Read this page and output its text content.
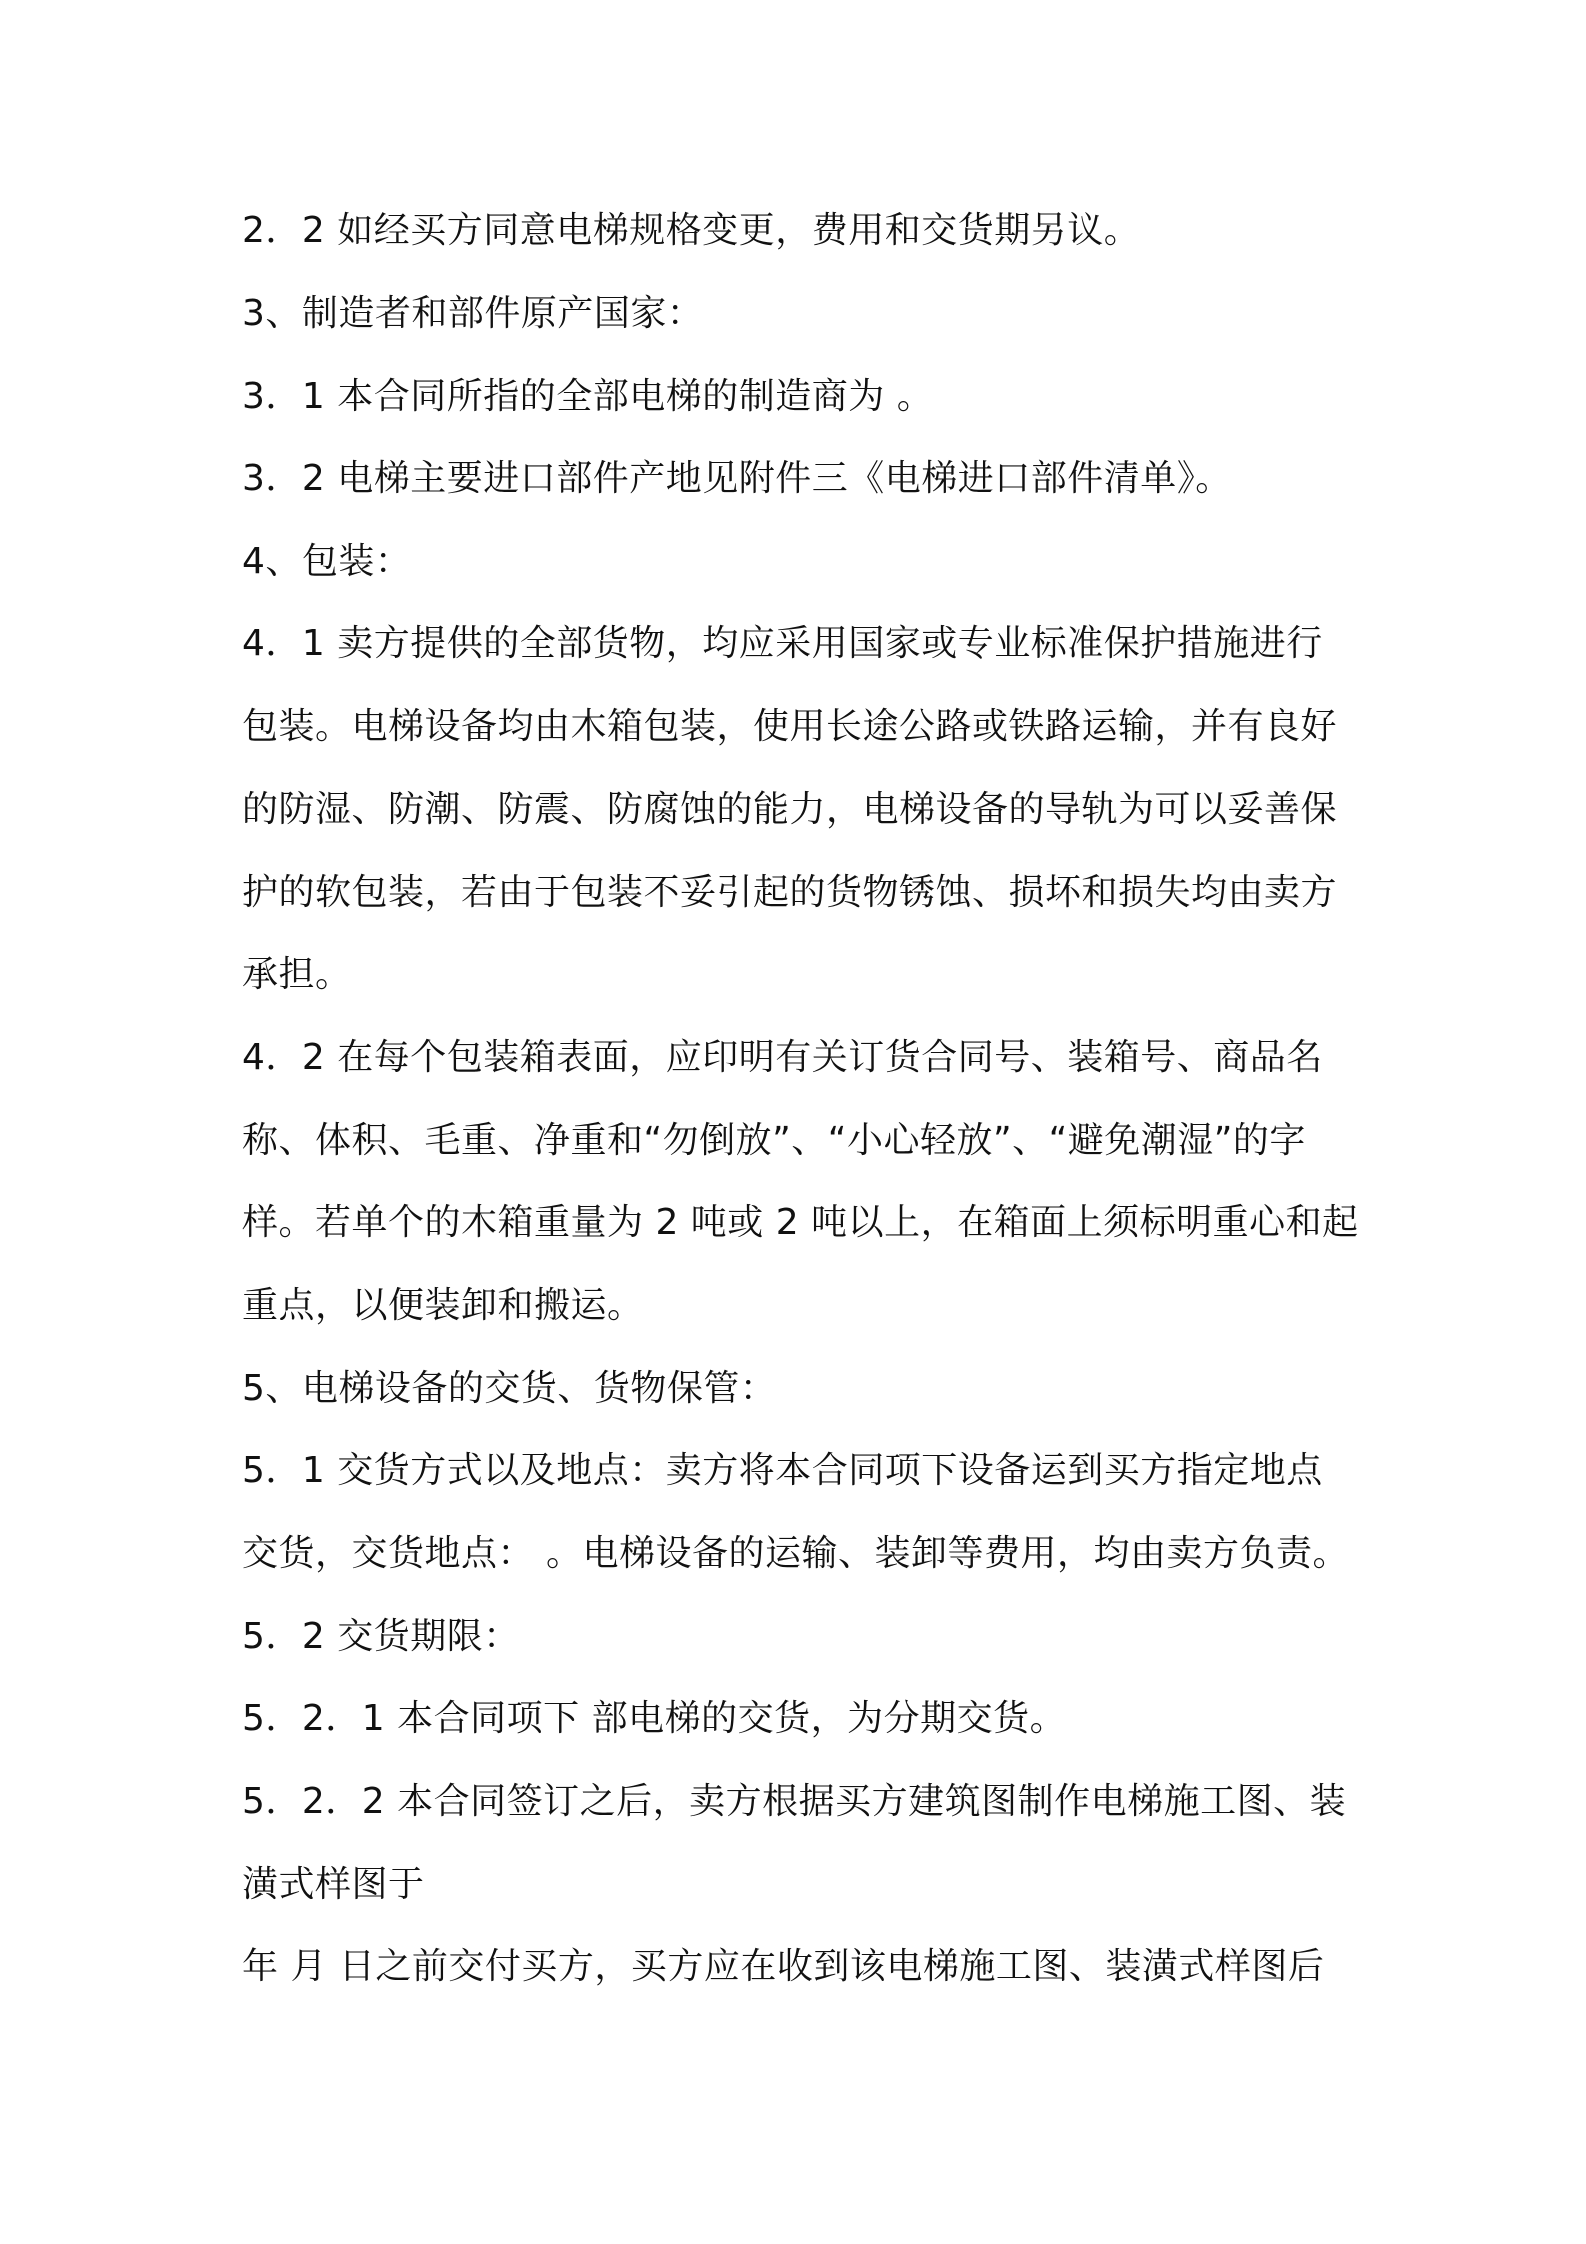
2．2 如经买方同意电梯规格变更，费用和交货期另议。
3、制造者和部件原产国家：
3．1 本合同所指的全部电梯的制造商为 。
3．2 电梯主要进口部件产地见附件三《电梯进口部件清单》。
4、包装：
4．1 卖方提供的全部货物，均应采用国家或专业标准保护措施进行
包装。电梯设备均由木箱包装，使用长途公路或铁路运输，并有良好
的防湿、防潮、防震、防腐蚀的能力，电梯设备的导轨为可以妥善保
护的软包装，若由于包装不妥引起的货物锈蚀、损坏和损失均由卖方
承担。
4．2 在每个包装箱表面，应印明有关订货合同号、装箱号、商品名
称、体积、毛重、净重和“勿倒放”、“小心轻放”、“避免潮湿”的字
样。若单个的木箱重量为 2 吨或 2 吨以上，在箱面上须标明重心和起
重点，以便装卸和搬运。
5、电梯设备的交货、货物保管：
5．1 交货方式以及地点：卖方将本合同项下设备运到买方指定地点
交货，交货地点： 。电梯设备的运输、装卸等费用，均由卖方负责。
5．2 交货期限：
5．2．1 本合同项下 部电梯的交货，为分期交货。
5．2．2 本合同签订之后，卖方根据买方建筑图制作电梯施工图、装
潢式样图于
年 月 日之前交付买方，买方应在收到该电梯施工图、装潢式样图后
